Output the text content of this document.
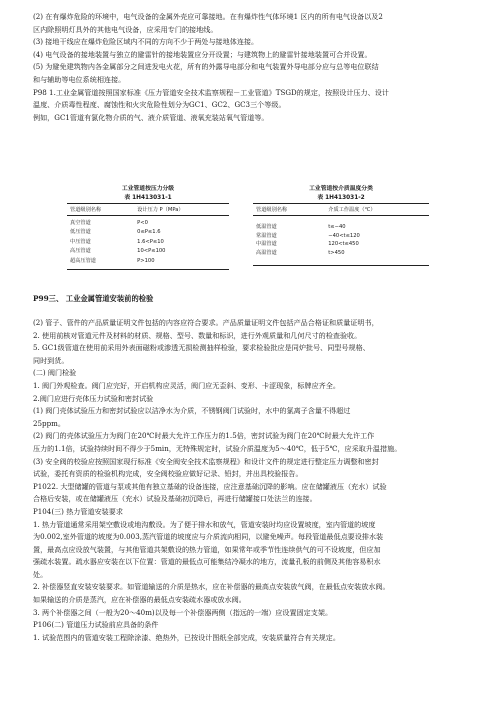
(2) 在有爆炸危险的环境中，电气设备的金属外壳应可靠接地。在有爆炸性气体环境1 区内的所有电气设备以及2
区内除照明灯具外的其他电气设备，应采用专门的接地线。
(3) 接地干线应在爆炸危险区域内不同的方向不少于两处与接地体连接。
(4) 电气设备的接地装置与独立的避雷针的接地装置应分开设置；与建筑物上的避雷针接地装置可合并设置。
(5) 为避免建筑物内各金属部分之间进发电火花，所有的外露导电部分和电气装置外导电部分应与总等电位联结
和与辅助等电位系统相连接。
P98 1.工业金属管道按照国家标准《压力管道安全技术监察规程－工业管道》TSGD的规定，按照设计压力、设计
温度、介质毒性程度、腐蚀性和火灾危险性划分为GC1、GC2、GC3三个等级。
例如，GC1管道有氯化物介质的气、液介质管道、液氧充装站氧气管道等。
工业管道按压力分级
表 1H413031-1
管道级别名称	设计压力 P（MPa）
真空管道	P<0
低压管道	0≤P≤1.6
中压管道	1.6<P≤10
高压管道	10<P≤100
超高压管道	P>100
工业管道按介质温度分类
表 1H413031-2
管道级别名称	介质工作温度（℃）
低温管道	t≤−40
常温管道	−40<t≤120
中温管道	120<t≤450
高温管道	t>450
P99三、 工业金属管道安装前的检验
(2) 管子、管件的产品质量证明文件包括的内容应符合要求。产品质量证明文件包括产品合格证和质量证明书，
2. 使用前核对管道元件及材料的材质、规格、型号、数量和标识，进行外观质量和几何尺寸的检查验收。
5. GC1级管道在使用前采用外表面磁粉或渗透无损检测抽样检验，要求检验批应是同炉批号、同型号规格、
同时到货。
(二) 阀门检验
1. 阀门外观检查。阀门应完好，开启机构应灵活，阀门应无歪斜、变形、卡涩现象，标牌应齐全。
2.阀门应进行壳体压力试验和密封试验
(1) 阀门壳体试验压力和密封试验应以洁净水为介质，不锈钢阀门试验时，水中的氯离子含量不得超过
25ppm。
(2) 阀门的壳体试验压力为阀门在20℃时最大允许工作压力的1.5倍，密封试验为阀门在20℃时最大允许工作
压力的1.1倍，试验持续时间不得少于5min，无特殊规定时，试验介质温度为5～40℃，低于5℃，应采取升温措施。
(3) 安全阀的校验应按照国家现行标准《安全阀安全技术监察规程》和设计文件的规定进行整定压力调整和密封
试验，委托有资质的检验机构完成，安全阀校验应做好记录、铅封，并出具校验报告。
P1022. 大型储罐的管道与泵或其他有独立基础的设备连接，应注意基础沉降的影响。应在储罐液压（充水）试验
合格后安装，或在储罐液压（充水）试验及基础初沉降后，再进行储罐接口处法兰的连接。
P104(三) 热力管道安装要求
1. 热力管道通常采用架空敷设或地沟敷设。为了便于排水和放气，管道安装时均应设置坡度，室内管道的坡度
为0.002,室外管道的坡度为0.003,蒸汽管道的坡度应与介质流向相同，以避免噪声。每段管道最低点要设排水装
置，最高点应设放气装置，与其他管道共架敷设的热力管道，如果常年或季节性连续供气的可不设坡度，但应加
强疏水装置。疏水器应安装在以下位置：管道的最低点可能集结冷凝水的地方，流量孔板的前侧及其他容易积水
处。
2. 补偿器竖直安装安装要求。如管道输送的介质是热水，应在补偿器的最高点安装放气阀，在最低点安装放水阀。
如果输送的介质是蒸汽，应在补偿器的最低点安装疏水器或放水阀。
3. 两个补偿器之间（一般为20～40m)以及每一个补偿器两侧（指远的一端）应设置固定支架。
P106(二) 管道压力试验前应具备的条件
1. 试验范围内的管道安装工程除涂漆、绝热外，已按设计图纸全部完成，安装质量符合有关规定。
